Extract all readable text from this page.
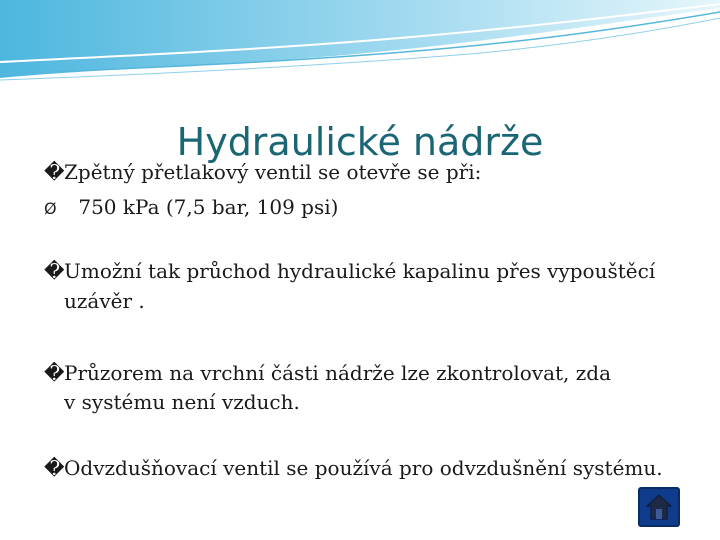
Hydraulické nádrže
�Zpětný přetlakový ventil se otevře se při:
Ø 750 kPa (7,5 bar, 109 psi)
�Umožní tak průchod hydraulické kapalinu přes vypouštěcí
uzávěr .
�Průzorem na vrchní části nádrže lze zkontrolovat, zda
v systému není vzduch.
�Odvzdušňovací ventil se používá pro odvzdušnění systému.
